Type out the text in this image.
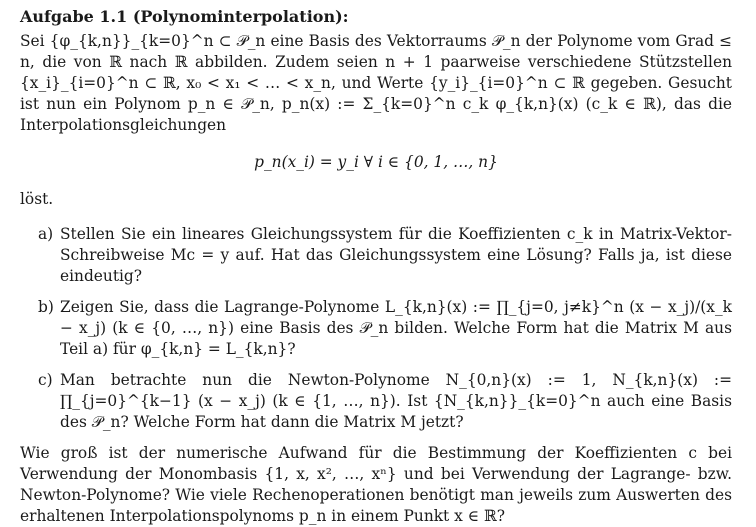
Aufgabe 1.1 (Polynominterpolation):

Sei {φ_{k,n}}_{k=0}^n ⊂ 𝒫_n eine Basis des Vektorraums 𝒫_n der Polynome vom Grad ≤ n, die von ℝ nach ℝ abbilden. Zudem seien n + 1 paarweise verschiedene Stützstellen {x_i}_{i=0}^n ⊂ ℝ, x₀ < x₁ < … < x_n, und Werte {y_i}_{i=0}^n ⊂ ℝ gegeben. Gesucht ist nun ein Polynom p_n ∈ 𝒫_n, p_n(x) := Σ_{k=0}^n c_k φ_{k,n}(x) (c_k ∈ ℝ), das die Interpolationsgleichungen

p_n(x_i) = y_i ∀ i ∈ {0, 1, …, n}
löst.
a) Stellen Sie ein lineares Gleichungssystem für die Koeffizienten c_k in Matrix-Vektor-Schreibweise Mc = y auf. Hat das Gleichungssystem eine Lösung? Falls ja, ist diese eindeutig?
b) Zeigen Sie, dass die Lagrange-Polynome L_{k,n}(x) := ∏_{j=0, j≠k}^n (x − x_j)/(x_k − x_j) (k ∈ {0, …, n}) eine Basis des 𝒫_n bilden. Welche Form hat die Matrix M aus Teil a) für φ_{k,n} = L_{k,n}?
c) Man betrachte nun die Newton-Polynome N_{0,n}(x) := 1, N_{k,n}(x) := ∏_{j=0}^{k−1} (x − x_j) (k ∈ {1, …, n}). Ist {N_{k,n}}_{k=0}^n auch eine Basis des 𝒫_n? Welche Form hat dann die Matrix M jetzt?

Wie groß ist der numerische Aufwand für die Bestimmung der Koeffizienten c bei Verwendung der Monombasis {1, x, x², …, xⁿ} und bei Verwendung der Lagrange- bzw. Newton-Polynome? Wie viele Rechenoperationen benötigt man jeweils zum Auswerten des erhaltenen Interpolationspolynoms p_n in einem Punkt x ∈ ℝ?
